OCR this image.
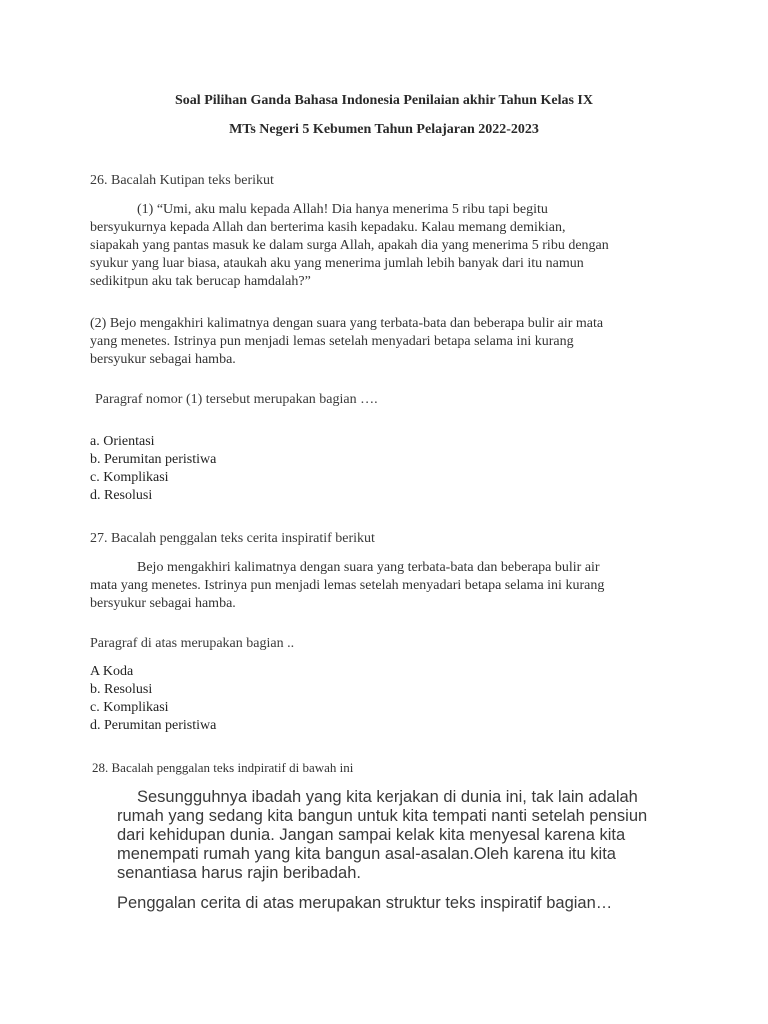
Soal Pilihan Ganda Bahasa Indonesia Penilaian akhir Tahun Kelas IX
MTs Negeri 5 Kebumen Tahun Pelajaran 2022-2023
26. Bacalah Kutipan teks berikut
(1) “Umi, aku malu kepada Allah! Dia hanya menerima 5 ribu tapi begitu
bersyukurnya kepada Allah dan berterima kasih kepadaku. Kalau memang demikian,
siapakah yang pantas masuk ke dalam surga Allah, apakah dia yang menerima 5 ribu dengan
syukur yang luar biasa, ataukah aku yang menerima jumlah lebih banyak dari itu namun
sedikitpun aku tak berucap hamdalah?”
(2) Bejo mengakhiri kalimatnya dengan suara yang terbata-bata dan beberapa bulir air mata
yang menetes. Istrinya pun menjadi lemas setelah menyadari betapa selama ini kurang
bersyukur sebagai hamba.
Paragraf nomor (1) tersebut merupakan bagian ….
a. Orientasi
b. Perumitan peristiwa
c. Komplikasi
d. Resolusi
27. Bacalah penggalan teks cerita inspiratif berikut
Bejo mengakhiri kalimatnya dengan suara yang terbata-bata dan beberapa bulir air
mata yang menetes. Istrinya pun menjadi lemas setelah menyadari betapa selama ini kurang
bersyukur sebagai hamba.
Paragraf di atas merupakan bagian ..
A Koda
b. Resolusi
c. Komplikasi
d. Perumitan peristiwa
28. Bacalah penggalan teks indpiratif di bawah ini
Sesungguhnya ibadah yang kita kerjakan di dunia ini, tak lain adalah
rumah yang sedang kita bangun untuk kita tempati nanti setelah pensiun
dari kehidupan dunia. Jangan sampai kelak kita menyesal karena kita
menempati rumah yang kita bangun asal-asalan.Oleh karena itu kita
senantiasa harus rajin beribadah.
Penggalan cerita di atas merupakan struktur teks inspiratif bagian…
